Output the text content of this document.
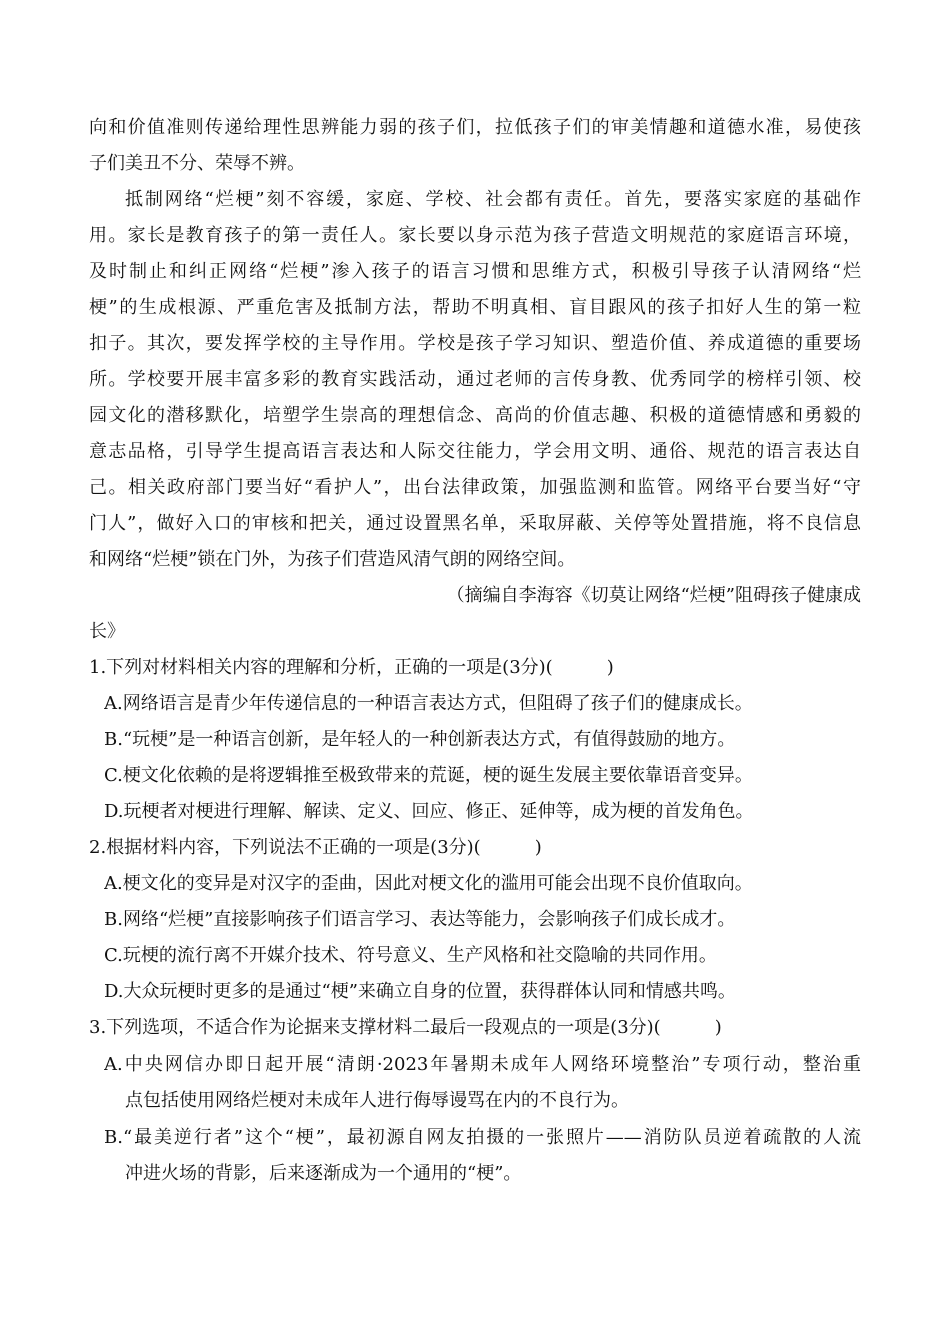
向和价值准则传递给理性思辨能力弱的孩子们，拉低孩子们的审美情趣和道德水准，易使孩
子们美丑不分、荣辱不辨。
抵制网络“烂梗”刻不容缓，家庭、学校、社会都有责任。首先，要落实家庭的基础作
用。家长是教育孩子的第一责任人。家长要以身示范为孩子营造文明规范的家庭语言环境，
及时制止和纠正网络“烂梗”渗入孩子的语言习惯和思维方式，积极引导孩子认清网络“烂
梗”的生成根源、严重危害及抵制方法，帮助不明真相、盲目跟风的孩子扣好人生的第一粒
扣子。其次，要发挥学校的主导作用。学校是孩子学习知识、塑造价值、养成道德的重要场
所。学校要开展丰富多彩的教育实践活动，通过老师的言传身教、优秀同学的榜样引领、校
园文化的潜移默化，培塑学生崇高的理想信念、高尚的价值志趣、积极的道德情感和勇毅的
意志品格，引导学生提高语言表达和人际交往能力，学会用文明、通俗、规范的语言表达自
己。相关政府部门要当好“看护人”，出台法律政策，加强监测和监管。网络平台要当好“守
门人”，做好入口的审核和把关，通过设置黑名单，采取屏蔽、关停等处置措施，将不良信息
和网络“烂梗”锁在门外，为孩子们营造风清气朗的网络空间。
（摘编自李海容《切莫让网络“烂梗”阻碍孩子健康成
长》
1.下列对材料相关内容的理解和分析，正确的一项是(3分)(　　　)
A.网络语言是青少年传递信息的一种语言表达方式，但阻碍了孩子们的健康成长。
B.“玩梗”是一种语言创新，是年轻人的一种创新表达方式，有值得鼓励的地方。
C.梗文化依赖的是将逻辑推至极致带来的荒诞，梗的诞生发展主要依靠语音变异。
D.玩梗者对梗进行理解、解读、定义、回应、修正、延伸等，成为梗的首发角色。
2.根据材料内容，下列说法不正确的一项是(3分)(　　　)
A.梗文化的变异是对汉字的歪曲，因此对梗文化的滥用可能会出现不良价值取向。
B.网络“烂梗”直接影响孩子们语言学习、表达等能力，会影响孩子们成长成才。
C.玩梗的流行离不开媒介技术、符号意义、生产风格和社交隐喻的共同作用。
D.大众玩梗时更多的是通过“梗”来确立自身的位置，获得群体认同和情感共鸣。
3.下列选项，不适合作为论据来支撑材料二最后一段观点的一项是(3分)(　　　)
A.中央网信办即日起开展“清朗·2023年暑期未成年人网络环境整治”专项行动，整治重
点包括使用网络烂梗对未成年人进行侮辱谩骂在内的不良行为。
B.“最美逆行者”这个“梗”，最初源自网友拍摄的一张照片——消防队员逆着疏散的人流
冲进火场的背影，后来逐渐成为一个通用的“梗”。
